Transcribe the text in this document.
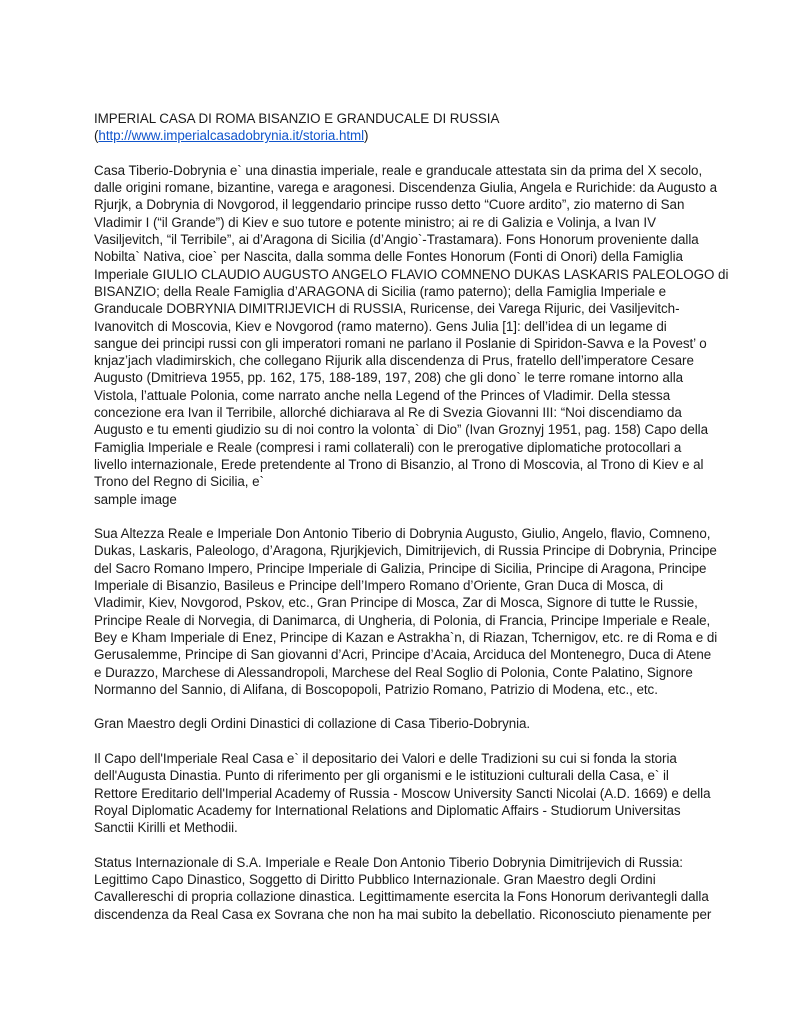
IMPERIAL CASA DI ROMA BISANZIO E GRANDUCALE DI RUSSIA
(http://www.imperialcasadobrynia.it/storia.html)
Casa Tiberio-Dobrynia e` una dinastia imperiale, reale e granducale attestata sin da prima del X secolo,
dalle origini romane, bizantine, varega e aragonesi. Discendenza Giulia, Angela e Rurichide: da Augusto a
Rjurjk, a Dobrynia di Novgorod, il leggendario principe russo detto “Cuore ardito”, zio materno di San
Vladimir I (“il Grande”) di Kiev e suo tutore e potente ministro; ai re di Galizia e Volinja, a Ivan IV
Vasiljevitch, “il Terribile”, ai d’Aragona di Sicilia (d’Angio`-Trastamara). Fons Honorum proveniente dalla
Nobilta` Nativa, cioe` per Nascita, dalla somma delle Fontes Honorum (Fonti di Onori) della Famiglia
Imperiale GIULIO CLAUDIO AUGUSTO ANGELO FLAVIO COMNENO DUKAS LASKARIS PALEOLOGO di
BISANZIO; della Reale Famiglia d’ARAGONA di Sicilia (ramo paterno); della Famiglia Imperiale e
Granducale DOBRYNIA DIMITRIJEVICH di RUSSIA, Ruricense, dei Varega Rijuric, dei Vasiljevitch-
Ivanovitch di Moscovia, Kiev e Novgorod (ramo materno). Gens Julia [1]: dell’idea di un legame di
sangue dei principi russi con gli imperatori romani ne parlano il Poslanie di Spiridon-Savva e la Povest’ o
knjaz’jach vladimirskich, che collegano Rijurik alla discendenza di Prus, fratello dell’imperatore Cesare
Augusto (Dmitrieva 1955, pp. 162, 175, 188-189, 197, 208) che gli dono` le terre romane intorno alla
Vistola, l’attuale Polonia, come narrato anche nella Legend of the Princes of Vladimir. Della stessa
concezione era Ivan il Terribile, allorché dichiarava al Re di Svezia Giovanni III: “Noi discendiamo da
Augusto e tu ementi giudizio su di noi contro la volonta` di Dio” (Ivan Groznyj 1951, pag. 158) Capo della
Famiglia Imperiale e Reale (compresi i rami collaterali) con le prerogative diplomatiche protocollari a
livello internazionale, Erede pretendente al Trono di Bisanzio, al Trono di Moscovia, al Trono di Kiev e al
Trono del Regno di Sicilia, e`
sample image
Sua Altezza Reale e Imperiale Don Antonio Tiberio di Dobrynia Augusto, Giulio, Angelo, flavio, Comneno,
Dukas, Laskaris, Paleologo, d’Aragona, Rjurjkjevich, Dimitrijevich, di Russia Principe di Dobrynia, Principe
del Sacro Romano Impero, Principe Imperiale di Galizia, Principe di Sicilia, Principe di Aragona, Principe
Imperiale di Bisanzio, Basileus e Principe dell’Impero Romano d’Oriente, Gran Duca di Mosca, di
Vladimir, Kiev, Novgorod, Pskov, etc., Gran Principe di Mosca, Zar di Mosca, Signore di tutte le Russie,
Principe Reale di Norvegia, di Danimarca, di Ungheria, di Polonia, di Francia, Principe Imperiale e Reale,
Bey e Kham Imperiale di Enez, Principe di Kazan e Astrakha`n, di Riazan, Tchernigov, etc. re di Roma e di
Gerusalemme, Principe di San giovanni d’Acri, Principe d’Acaia, Arciduca del Montenegro, Duca di Atene
e Durazzo, Marchese di Alessandropoli, Marchese del Real Soglio di Polonia, Conte Palatino, Signore
Normanno del Sannio, di Alifana, di Boscopopoli, Patrizio Romano, Patrizio di Modena, etc., etc.
Gran Maestro degli Ordini Dinastici di collazione di Casa Tiberio-Dobrynia.
Il Capo dell'Imperiale Real Casa e` il depositario dei Valori e delle Tradizioni su cui si fonda la storia
dell'Augusta Dinastia. Punto di riferimento per gli organismi e le istituzioni culturali della Casa, e` il
Rettore Ereditario dell'Imperial Academy of Russia - Moscow University Sancti Nicolai (A.D. 1669) e della
Royal Diplomatic Academy for International Relations and Diplomatic Affairs - Studiorum Universitas
Sanctii Kirilli et Methodii.
Status Internazionale di S.A. Imperiale e Reale Don Antonio Tiberio Dobrynia Dimitrijevich di Russia:
Legittimo Capo Dinastico, Soggetto di Diritto Pubblico Internazionale. Gran Maestro degli Ordini
Cavallereschi di propria collazione dinastica. Legittimamente esercita la Fons Honorum derivantegli dalla
discendenza da Real Casa ex Sovrana che non ha mai subito la debellatio. Riconosciuto pienamente per
